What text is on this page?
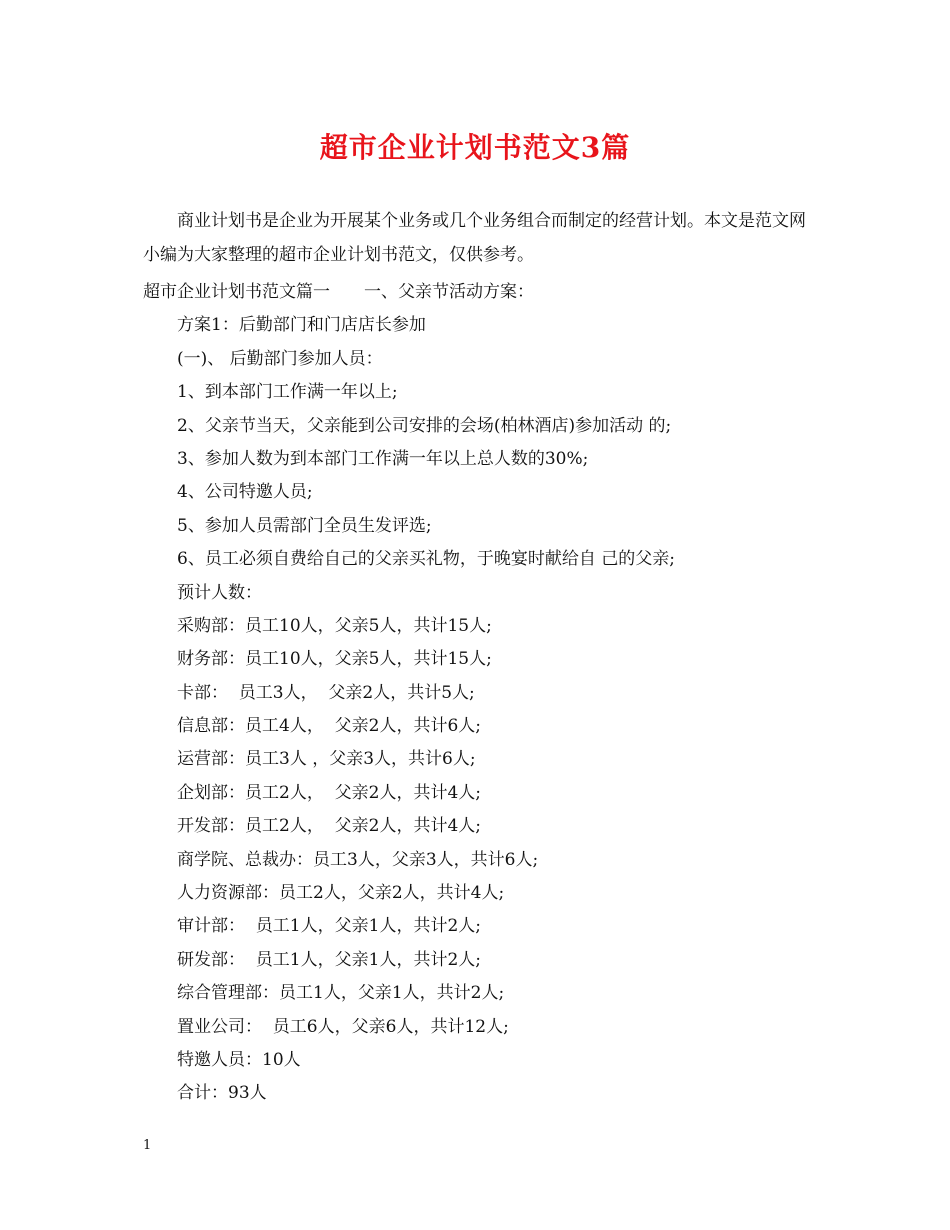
超市企业计划书范文3篇

商业计划书是企业为开展某个业务或几个业务组合而制定的经营计划。本文是范文网小编为大家整理的超市企业计划书范文，仅供参考。

超市企业计划书范文篇一　　一、父亲节活动方案：
方案1：后勤部门和门店店长参加
(一)、 后勤部门参加人员：
1、到本部门工作满一年以上;
2、父亲节当天，父亲能到公司安排的会场(柏林酒店)参加活动 的;
3、参加人数为到本部门工作满一年以上总人数的30%;
4、公司特邀人员;
5、参加人员需部门全员生发评选;
6、员工必须自费给自己的父亲买礼物，于晚宴时献给自 己的父亲;
预计人数：
采购部：员工10人，父亲5人，共计15人;
财务部：员工10人，父亲5人，共计15人;
卡部：  员工3人，  父亲2人，共计5人;
信息部：员工4人，  父亲2人，共计6人;
运营部：员工3人 ，父亲3人，共计6人;
企划部：员工2人，  父亲2人，共计4人;
开发部：员工2人，  父亲2人，共计4人;
商学院、总裁办：员工3人，父亲3人，共计6人;
人力资源部：员工2人，父亲2人，共计4人;
审计部：  员工1人，父亲1人，共计2人;
研发部：  员工1人，父亲1人，共计2人;
综合管理部：员工1人，父亲1人，共计2人;
置业公司：  员工6人，父亲6人，共计12人;
特邀人员：10人
合计：93人
1
